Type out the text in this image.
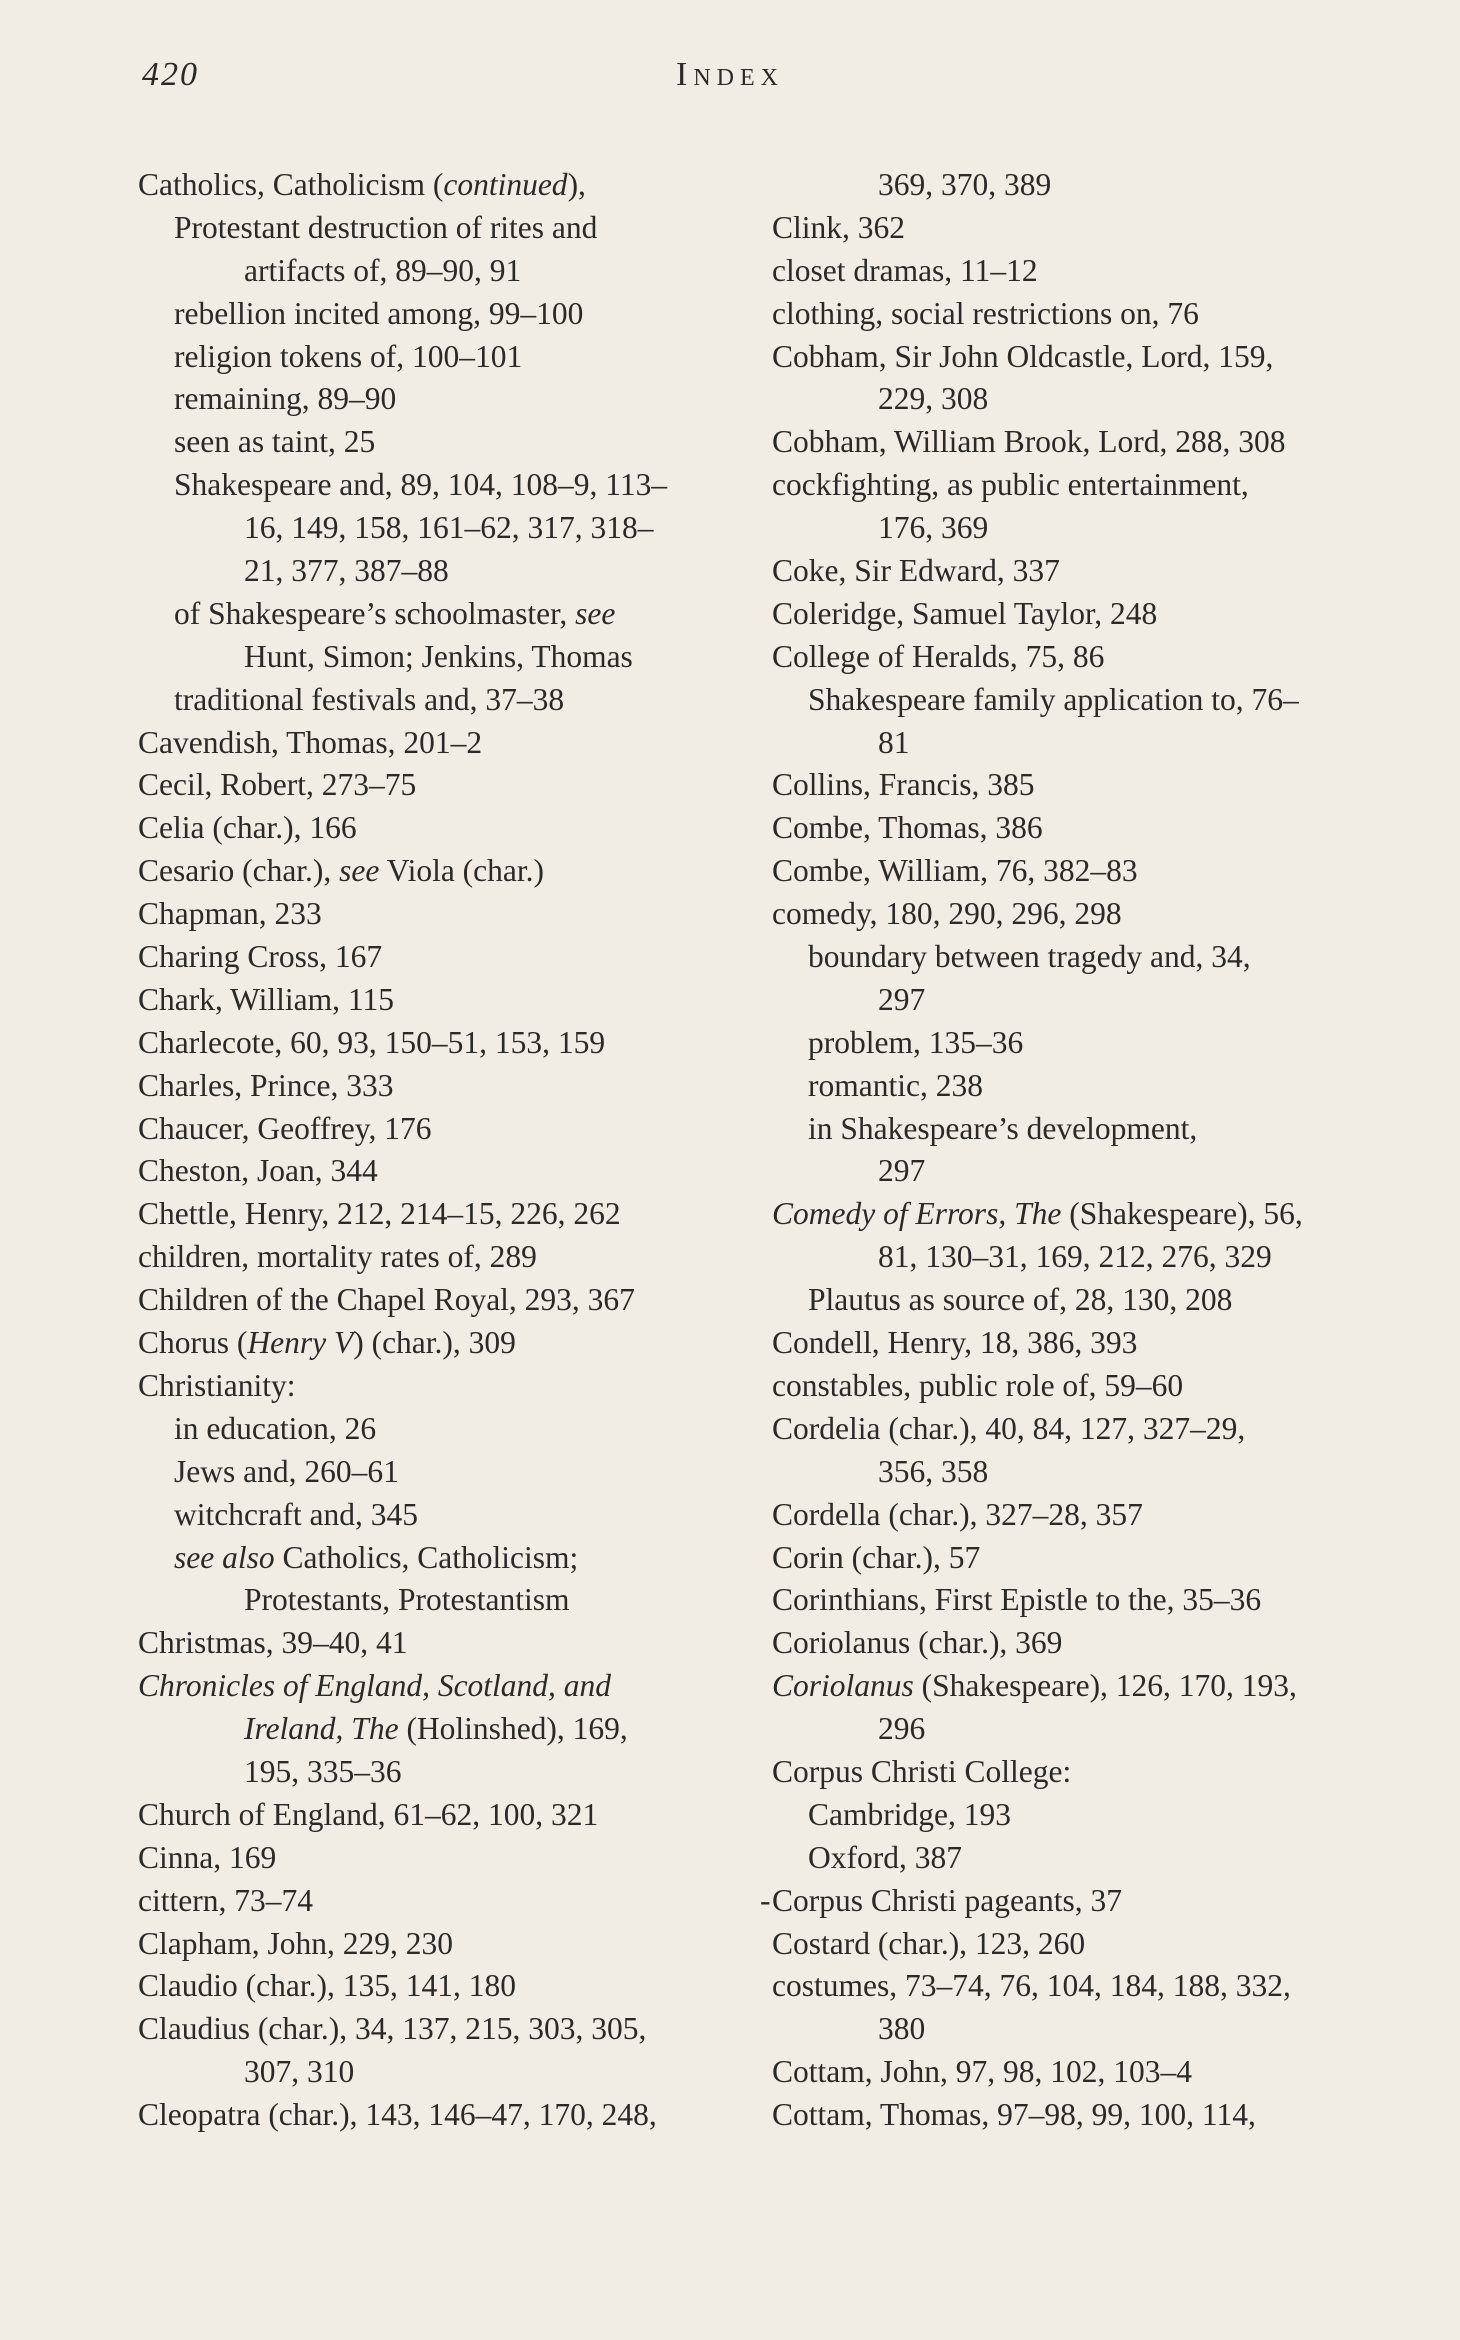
420	Index
Catholics, Catholicism (continued),
Protestant destruction of rites and
artifacts of, 89–90, 91
rebellion incited among, 99–100
religion tokens of, 100–101
remaining, 89–90
seen as taint, 25
Shakespeare and, 89, 104, 108–9, 113–
16, 149, 158, 161–62, 317, 318–
21, 377, 387–88
of Shakespeare’s schoolmaster, see
Hunt, Simon; Jenkins, Thomas
traditional festivals and, 37–38
Cavendish, Thomas, 201–2
Cecil, Robert, 273–75
Celia (char.), 166
Cesario (char.), see Viola (char.)
Chapman, 233
Charing Cross, 167
Chark, William, 115
Charlecote, 60, 93, 150–51, 153, 159
Charles, Prince, 333
Chaucer, Geoffrey, 176
Cheston, Joan, 344
Chettle, Henry, 212, 214–15, 226, 262
children, mortality rates of, 289
Children of the Chapel Royal, 293, 367
Chorus (Henry V) (char.), 309
Christianity:
in education, 26
Jews and, 260–61
witchcraft and, 345
see also Catholics, Catholicism;
Protestants, Protestantism
Christmas, 39–40, 41
Chronicles of England, Scotland, and
Ireland, The (Holinshed), 169,
195, 335–36
Church of England, 61–62, 100, 321
Cinna, 169
cittern, 73–74
Clapham, John, 229, 230
Claudio (char.), 135, 141, 180
Claudius (char.), 34, 137, 215, 303, 305,
307, 310
Cleopatra (char.), 143, 146–47, 170, 248,
369, 370, 389
Clink, 362
closet dramas, 11–12
clothing, social restrictions on, 76
Cobham, Sir John Oldcastle, Lord, 159,
229, 308
Cobham, William Brook, Lord, 288, 308
cockfighting, as public entertainment,
176, 369
Coke, Sir Edward, 337
Coleridge, Samuel Taylor, 248
College of Heralds, 75, 86
Shakespeare family application to, 76–
81
Collins, Francis, 385
Combe, Thomas, 386
Combe, William, 76, 382–83
comedy, 180, 290, 296, 298
boundary between tragedy and, 34,
297
problem, 135–36
romantic, 238
in Shakespeare’s development,
297
Comedy of Errors, The (Shakespeare), 56,
81, 130–31, 169, 212, 276, 329
Plautus as source of, 28, 130, 208
Condell, Henry, 18, 386, 393
constables, public role of, 59–60
Cordelia (char.), 40, 84, 127, 327–29,
356, 358
Cordella (char.), 327–28, 357
Corin (char.), 57
Corinthians, First Epistle to the, 35–36
Coriolanus (char.), 369
Coriolanus (Shakespeare), 126, 170, 193,
296
Corpus Christi College:
Cambridge, 193
Oxford, 387
- Corpus Christi pageants, 37
Costard (char.), 123, 260
costumes, 73–74, 76, 104, 184, 188, 332,
380
Cottam, John, 97, 98, 102, 103–4
Cottam, Thomas, 97–98, 99, 100, 114,
